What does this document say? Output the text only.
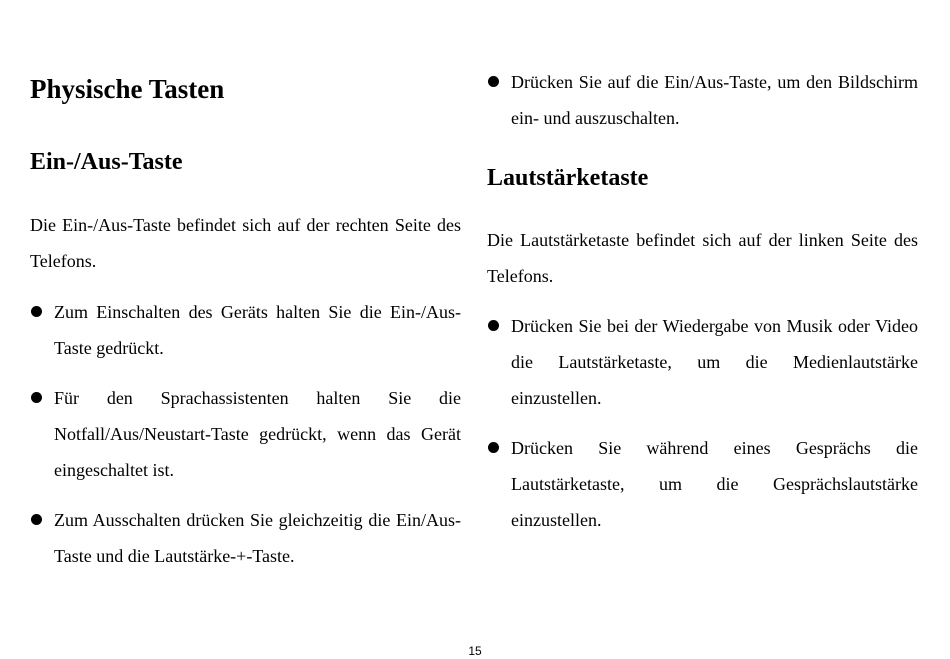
Physische Tasten
Ein-/Aus-Taste

Die Ein-/Aus-Taste befindet sich auf der rechten Seite des Telefons.

Zum Einschalten des Geräts halten Sie die Ein-/Aus-Taste gedrückt.

Für den Sprachassistenten halten Sie die Notfall/Aus/Neustart-Taste gedrückt, wenn das Gerät eingeschaltet ist.

Zum Ausschalten drücken Sie gleichzeitig die Ein/Aus-Taste und die Lautstärke-+-Taste.

Drücken Sie auf die Ein/Aus-Taste, um den Bildschirm ein- und auszuschalten.

Lautstärketaste

Die Lautstärketaste befindet sich auf der linken Seite des Telefons.

Drücken Sie bei der Wiedergabe von Musik oder Video die Lautstärketaste, um die Medienlautstärke einzustellen.

Drücken Sie während eines Gesprächs die Lautstärketaste, um die Gesprächslautstärke einzustellen.

15
